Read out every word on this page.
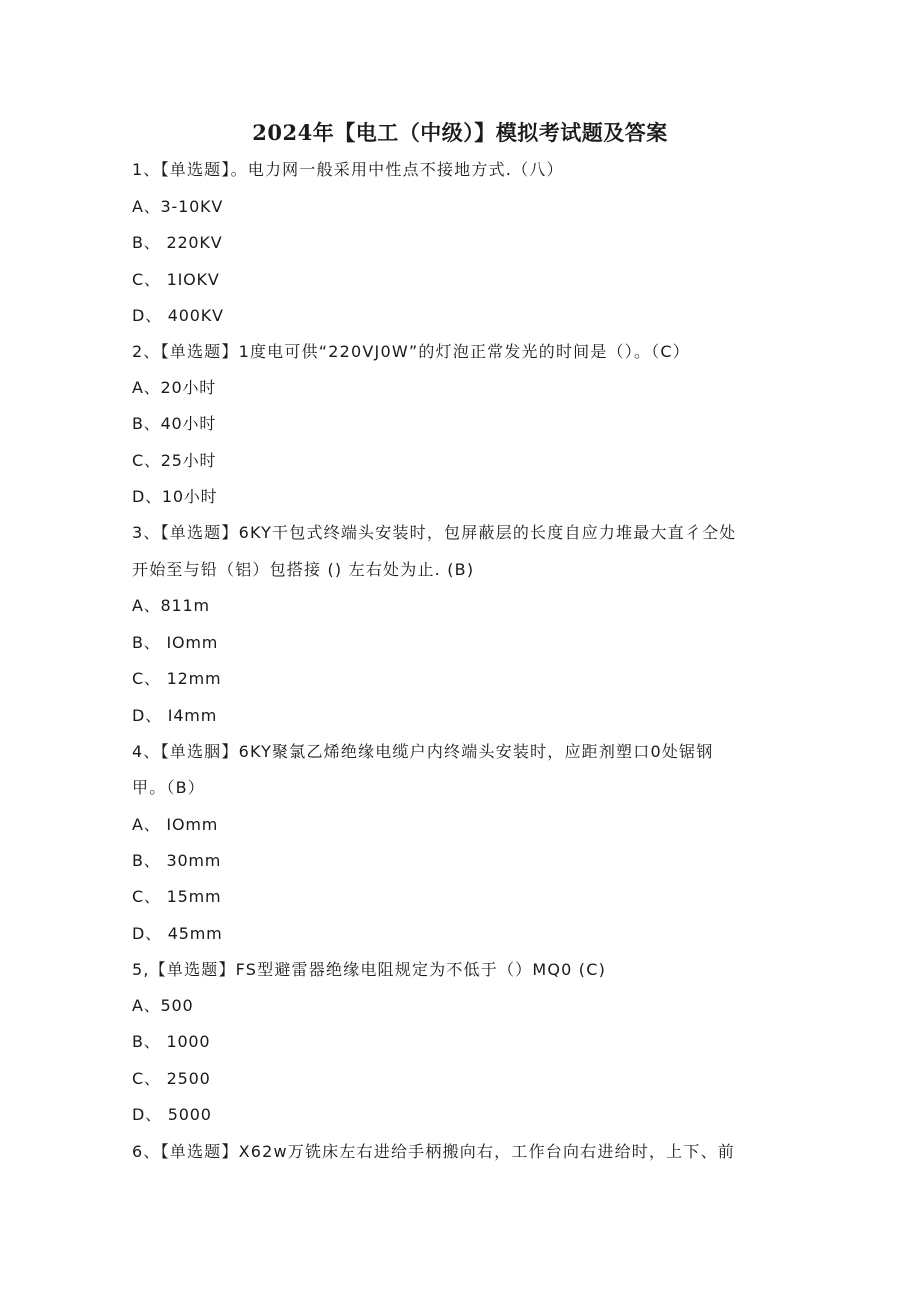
2024年【电工（中级）】模拟考试题及答案
1、【单选题】。电力网一般采用中性点不接地方式.（八）
A、3-10KV
B、 220KV
C、 1IOKV
D、 400KV
2、【单选题】1度电可供“220VJ0W”的灯泡正常发光的时间是（）。（C）
A、20小时
B、40小时
C、25小时
D、10小时
3、【单选题】6KY干包式终端头安装时，包屏蔽层的长度自应力堆最大直彳仝处
开始至与铅（铝）包搭接 () 左右处为止. (B)
A、811m
B、 IOmm
C、 12mm
D、 I4mm
4、【单选胭】6KY聚氯乙烯绝缘电缆户内终端头安装时，应距剂塑口0处锯钢
甲。（B）
A、 IOmm
B、 30mm
C、 15mm
D、 45mm
5,【单选题】FS型避雷器绝缘电阻规定为不低于（）MQ0 (C)
A、500
B、 1000
C、 2500
D、 5000
6、【单选题】X62w万铣床左右进给手柄搬向右，工作台向右进给时，上下、前
